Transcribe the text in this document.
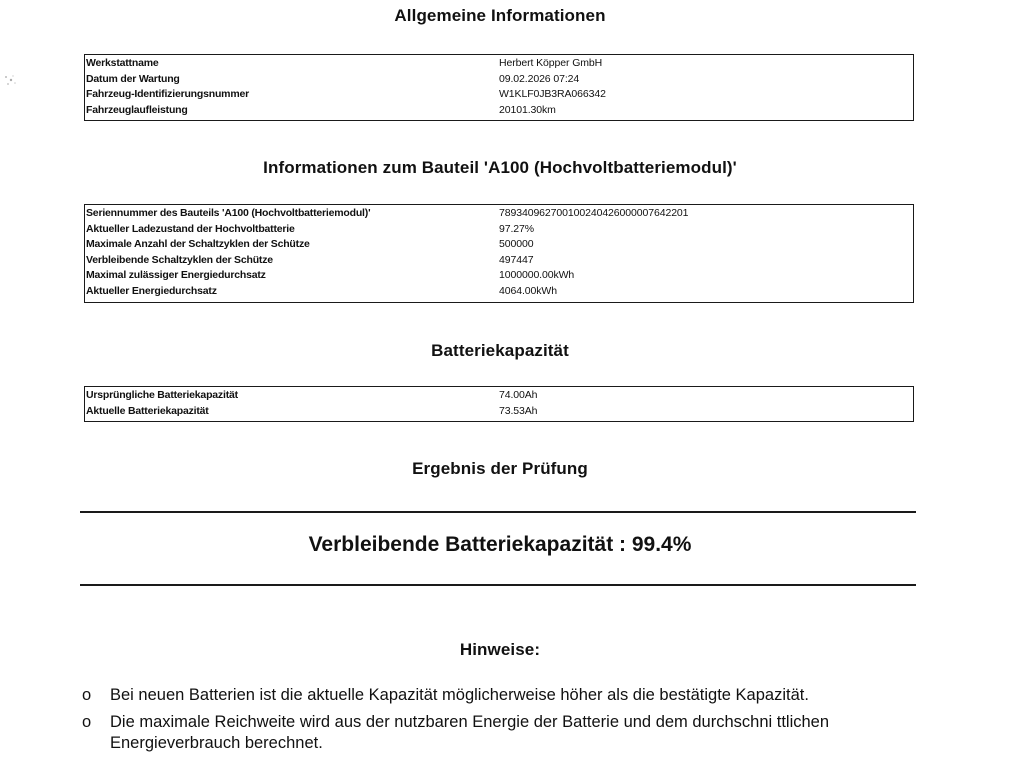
Allgemeine Informationen
Werkstattname	Herbert Köpper GmbH
Datum der Wartung	09.02.2026 07:24
Fahrzeug-Identifizierungsnummer	W1KLF0JB3RA066342
Fahrzeuglaufleistung	20101.30km
Informationen zum Bauteil 'A100 (Hochvoltbatteriemodul)'
Seriennummer des Bauteils 'A100 (Hochvoltbatteriemodul)'	789340962700100240426000007642201
Aktueller Ladezustand der Hochvoltbatterie	97.27%
Maximale Anzahl der Schaltzyklen der Schütze	500000
Verbleibende Schaltzyklen der Schütze	497447
Maximal zulässiger Energiedurchsatz	1000000.00kWh
Aktueller Energiedurchsatz	4064.00kWh
Batteriekapazität
Ursprüngliche Batteriekapazität	74.00Ah
Aktuelle Batteriekapazität	73.53Ah
Ergebnis der Prüfung
Verbleibende Batteriekapazität : 99.4%
Hinweise:
o Bei neuen Batterien ist die aktuelle Kapazität möglicherweise höher als die bestätigte Kapazität.
o Die maximale Reichweite wird aus der nutzbaren Energie der Batterie und dem durchschni ttlichen Energieverbrauch berechnet.
